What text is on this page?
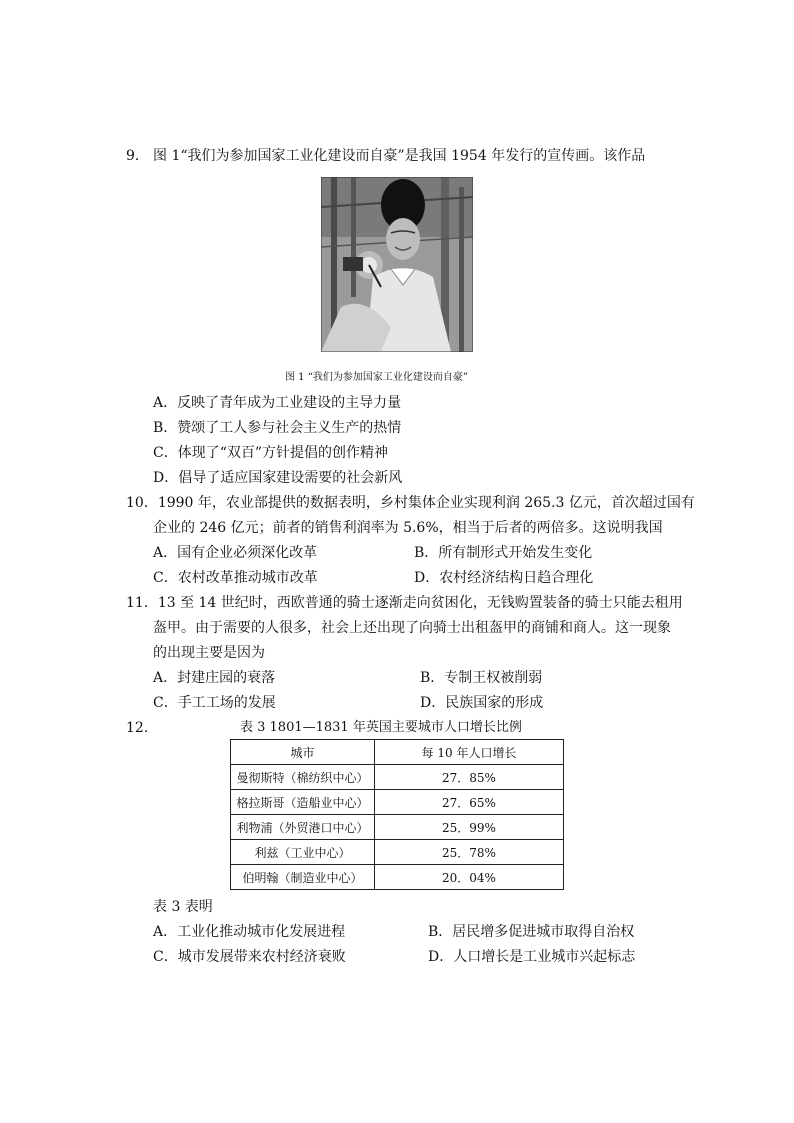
9． 图 1“我们为参加国家工业化建设而自豪”是我国 1954 年发行的宣传画。该作品
图 1 “我们为参加国家工业化建设而自豪”
A．反映了青年成为工业建设的主导力量
B．赞颂了工人参与社会主义生产的热情
C．体现了“双百”方针提倡的创作精神
D．倡导了适应国家建设需要的社会新风
10．1990 年，农业部提供的数据表明，乡村集体企业实现利润 265.3 亿元，首次超过国有
企业的 246 亿元；前者的销售利润率为 5.6%，相当于后者的两倍多。这说明我国
A．国有企业必须深化改革	B．所有制形式开始发生变化
C．农村改革推动城市改革	D．农村经济结构日趋合理化
11．13 至 14 世纪时，西欧普通的骑士逐渐走向贫困化，无钱购置装备的骑士只能去租用
盔甲。由于需要的人很多，社会上还出现了向骑士出租盔甲的商铺和商人。这一现象
的出现主要是因为
A．封建庄园的衰落	B．专制王权被削弱
C．手工工场的发展	D．民族国家的形成
12．	表 3 1801—1831 年英国主要城市人口增长比例
城市	每 10 年人口增长
曼彻斯特（棉纺织中心）	27．85%
格拉斯哥（造船业中心）	27．65%
利物浦（外贸港口中心）	25．99%
利兹（工业中心）	25．78%
伯明翰（制造业中心）	20．04%
表 3 表明
A．工业化推动城市化发展进程	B．居民增多促进城市取得自治权
C．城市发展带来农村经济衰败	D．人口增长是工业城市兴起标志
